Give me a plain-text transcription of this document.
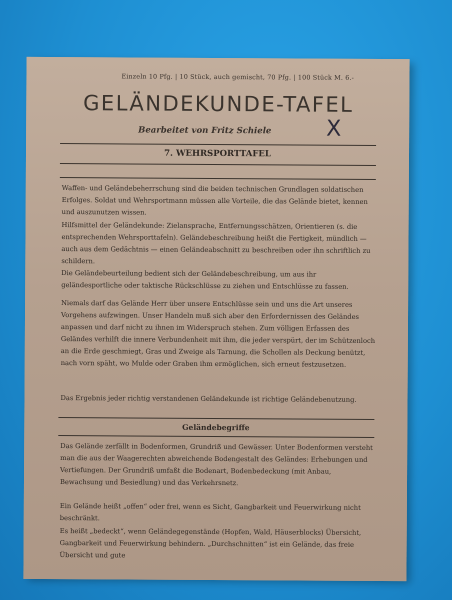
Einzeln 10 Pfg. | 10 Stück, auch gemischt, 70 Pfg. | 100 Stück M. 6.-
GELÄNDEKUNDE-TAFEL
Bearbeitet von Fritz Schiele X
7. WEHRSPORTTAFEL

Waffen- und Geländebeherrschung sind die beiden technischen Grundlagen soldatischen Erfolges. Soldat und Wehrsportmann müssen alle Vorteile, die das Gelände bietet, kennen und auszunutzen wissen.

Hilfsmittel der Geländekunde: Zielansprache, Entfernungsschätzen, Orientieren (s. die entsprechenden Wehrsporttafeln). Geländebeschreibung heißt die Fertigkeit, mündlich — auch aus dem Gedächtnis — einen Geländeabschnitt zu beschreiben oder ihn schriftlich zu schildern.

Die Geländebeurteilung bedient sich der Geländebeschreibung, um aus ihr geländesportliche oder taktische Rückschlüsse zu ziehen und Entschlüsse zu fassen.

Niemals darf das Gelände Herr über unsere Entschlüsse sein und uns die Art unseres Vorgehens aufzwingen. Unser Handeln muß sich aber den Erfordernissen des Geländes anpassen und darf nicht zu ihnen im Widerspruch stehen. Zum völligen Erfassen des Geländes verhilft die innere Verbundenheit mit ihm, die jeder verspürt, der im Schützenloch an die Erde geschmiegt, Gras und Zweige als Tarnung, die Schollen als Deckung benützt, nach vorn späht, wo Mulde oder Graben ihm ermöglichen, sich erneut festzusetzen.

Das Ergebnis jeder richtig verstandenen Geländekunde ist richtige Geländebenutzung.

Geländebegriffe

Das Gelände zerfällt in Bodenformen, Grundriß und Gewässer. Unter Bodenformen versteht man die aus der Waagerechten abweichende Bodengestalt des Geländes: Erhebungen und Vertiefungen. Der Grundriß umfaßt die Bodenart, Bodenbedeckung (mit Anbau, Bewachsung und Besiedlung) und das Verkehrsnetz.

Ein Gelände heißt „offen“ oder frei, wenn es Sicht, Gangbarkeit und Feuerwirkung nicht beschränkt.

Es heißt „bedeckt“, wenn Geländegegenstände (Hopfen, Wald, Häuserblocks) Übersicht, Gangbarkeit und Feuerwirkung behindern. „Durchschnitten“ ist ein Gelände, das freie Übersicht und gute
